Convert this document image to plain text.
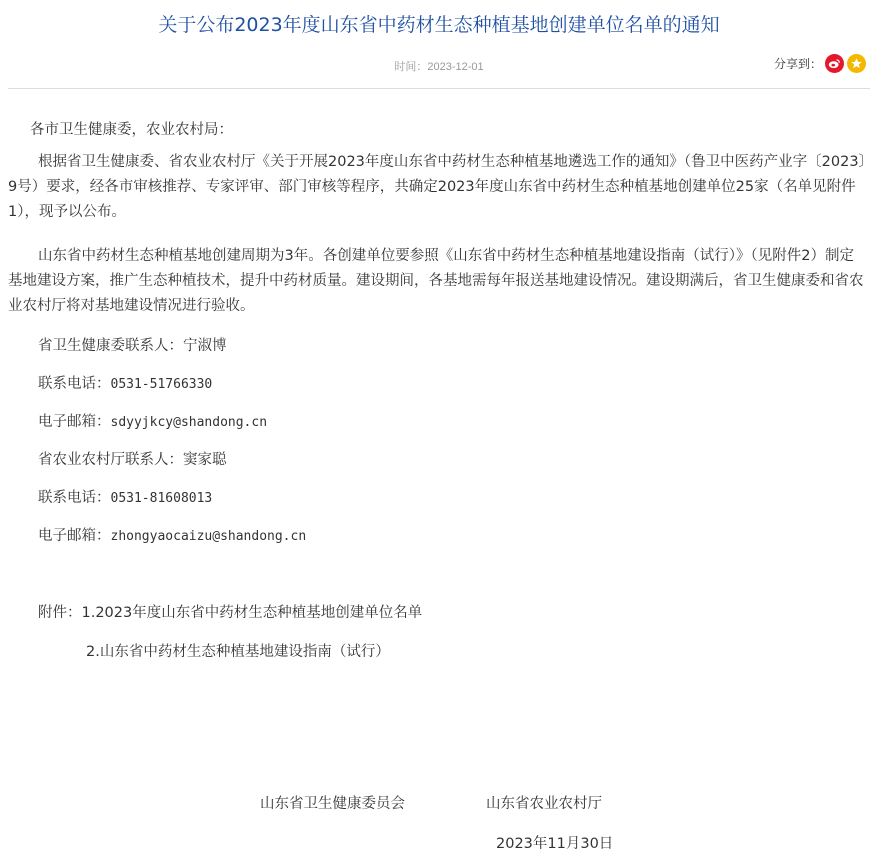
关于公布2023年度山东省中药材生态种植基地创建单位名单的通知
时间：2023-12-01	分享到：

各市卫生健康委，农业农村局：

根据省卫生健康委、省农业农村厅《关于开展2023年度山东省中药材生态种植基地遴选工作的通知》（鲁卫中医药产业字〔2023〕9号）要求，经各市审核推荐、专家评审、部门审核等程序，共确定2023年度山东省中药材生态种植基地创建单位25家（名单见附件1），现予以公布。

山东省中药材生态种植基地创建周期为3年。各创建单位要参照《山东省中药材生态种植基地建设指南（试行）》（见附件2）制定基地建设方案，推广生态种植技术，提升中药材质量。建设期间，各基地需每年报送基地建设情况。建设期满后，省卫生健康委和省农业农村厅将对基地建设情况进行验收。

省卫生健康委联系人：宁淑博

联系电话：0531-51766330

电子邮箱：sdyyjkcy@shandong.cn

省农业农村厅联系人：窦家聪

联系电话：0531-81608013

电子邮箱：zhongyaocaizu@shandong.cn

附件：1.2023年度山东省中药材生态种植基地创建单位名单

2.山东省中药材生态种植基地建设指南（试行）

山东省卫生健康委员会	山东省农业农村厅

2023年11月30日
